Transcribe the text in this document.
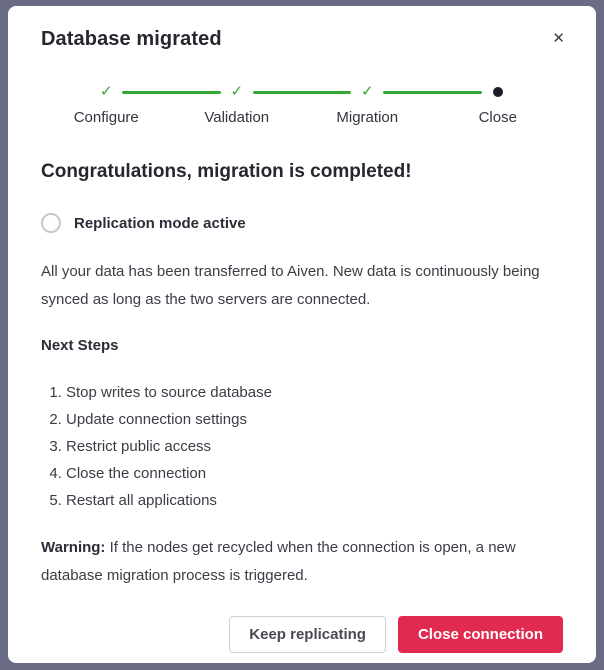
Database migrated	✕
✓
Configure
✓
Validation
✓
Migration	Close
Congratulations, migration is completed!
Replication mode active

All your data has been transferred to Aiven. New data is continuously being synced as long as the two servers are connected.

Next Steps
1. Stop writes to source database
2. Update connection settings
3. Restrict public access
4. Close the connection
5. Restart all applications

Warning: If the nodes get recycled when the connection is open, a new database migration process is triggered.

Keep replicating	Close connection
